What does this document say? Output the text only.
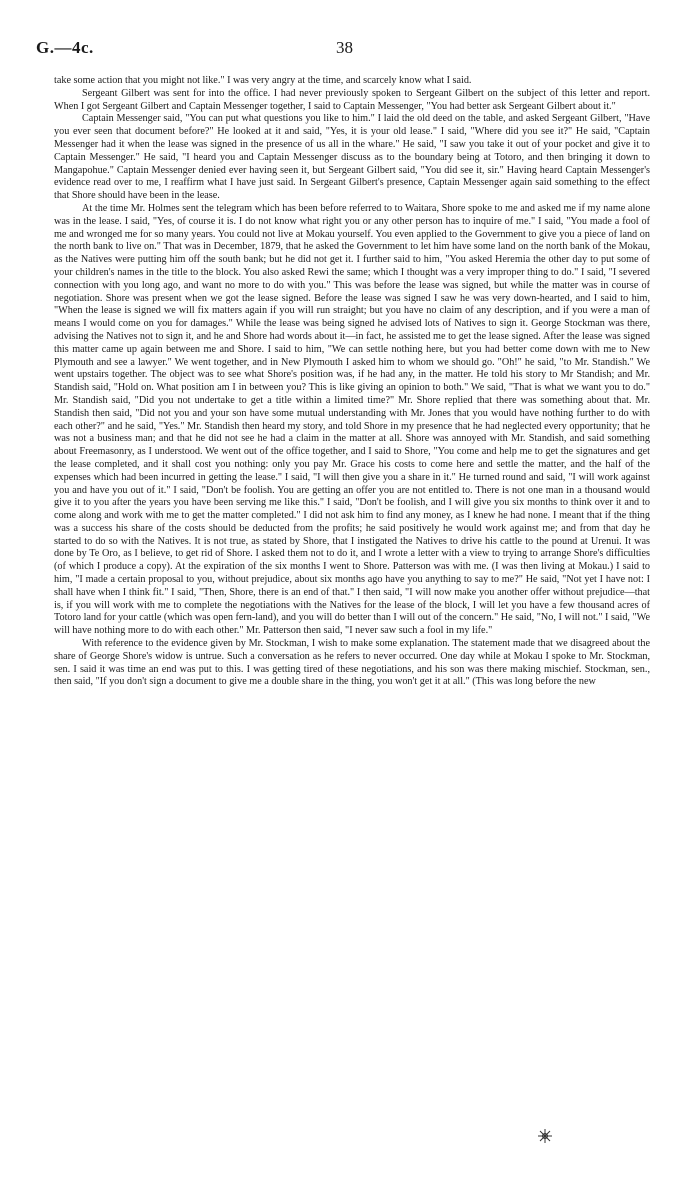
G.—4c.	38

take some action that you might not like." I was very angry at the time, and scarcely know what I said.

Sergeant Gilbert was sent for into the office. I had never previously spoken to Sergeant Gilbert on the subject of this letter and report. When I got Sergeant Gilbert and Captain Messenger together, I said to Captain Messenger, "You had better ask Sergeant Gilbert about it."

Captain Messenger said, "You can put what questions you like to him." I laid the old deed on the table, and asked Sergeant Gilbert, "Have you ever seen that document before?" He looked at it and said, "Yes, it is your old lease." I said, "Where did you see it?" He said, "Captain Messenger had it when the lease was signed in the presence of us all in the whare." He said, "I saw you take it out of your pocket and give it to Captain Messenger." He said, "I heard you and Captain Messenger discuss as to the boundary being at Totoro, and then bringing it down to Mangapohue." Captain Messenger denied ever having seen it, but Sergeant Gilbert said, "You did see it, sir." Having heard Captain Messenger's evidence read over to me, I reaffirm what I have just said. In Sergeant Gilbert's presence, Captain Messenger again said something to the effect that Shore should have been in the lease.

At the time Mr. Holmes sent the telegram which has been before referred to to Waitara, Shore spoke to me and asked me if my name alone was in the lease. I said, "Yes, of course it is. I do not know what right you or any other person has to inquire of me." I said, "You made a fool of me and wronged me for so many years. You could not live at Mokau yourself. You even applied to the Government to give you a piece of land on the north bank to live on." That was in December, 1879, that he asked the Government to let him have some land on the north bank of the Mokau, as the Natives were putting him off the south bank; but he did not get it. I further said to him, "You asked Heremia the other day to put some of your children's names in the title to the block. You also asked Rewi the same; which I thought was a very improper thing to do." I said, "I severed connection with you long ago, and want no more to do with you." This was before the lease was signed, but while the matter was in course of negotiation. Shore was present when we got the lease signed. Before the lease was signed I saw he was very down-hearted, and I said to him, "When the lease is signed we will fix matters again if you will run straight; but you have no claim of any description, and if you were a man of means I would come on you for damages." While the lease was being signed he advised lots of Natives to sign it. George Stockman was there, advising the Natives not to sign it, and he and Shore had words about it—in fact, he assisted me to get the lease signed. After the lease was signed this matter came up again between me and Shore. I said to him, "We can settle nothing here, but you had better come down with me to New Plymouth and see a lawyer." We went together, and in New Plymouth I asked him to whom we should go. "Oh!" he said, "to Mr. Standish." We went upstairs together. The object was to see what Shore's position was, if he had any, in the matter. He told his story to Mr Standish; and Mr. Standish said, "Hold on. What position am I in between you? This is like giving an opinion to both." We said, "That is what we want you to do." Mr. Standish said, "Did you not undertake to get a title within a limited time?" Mr. Shore replied that there was something about that. Mr. Standish then said, "Did not you and your son have some mutual understanding with Mr. Jones that you would have nothing further to do with each other?" and he said, "Yes." Mr. Standish then heard my story, and told Shore in my presence that he had neglected every opportunity; that he was not a business man; and that he did not see he had a claim in the matter at all. Shore was annoyed with Mr. Standish, and said something about Freemasonry, as I understood. We went out of the office together, and I said to Shore, "You come and help me to get the signatures and get the lease completed, and it shall cost you nothing: only you pay Mr. Grace his costs to come here and settle the matter, and the half of the expenses which had been incurred in getting the lease." I said, "I will then give you a share in it." He turned round and said, "I will work against you and have you out of it." I said, "Don't be foolish. You are getting an offer you are not entitled to. There is not one man in a thousand would give it to you after the years you have been serving me like this." I said, "Don't be foolish, and I will give you six months to think over it and to come along and work with me to get the matter completed." I did not ask him to find any money, as I knew he had none. I meant that if the thing was a success his share of the costs should be deducted from the profits; he said positively he would work against me; and from that day he started to do so with the Natives. It is not true, as stated by Shore, that I instigated the Natives to drive his cattle to the pound at Urenui. It was done by Te Oro, as I believe, to get rid of Shore. I asked them not to do it, and I wrote a letter with a view to trying to arrange Shore's difficulties (of which I produce a copy). At the expiration of the six months I went to Shore. Patterson was with me. (I was then living at Mokau.) I said to him, "I made a certain proposal to you, without prejudice, about six months ago have you anything to say to me?" He said, "Not yet I have not: I shall have when I think fit." I said, "Then, Shore, there is an end of that." I then said, "I will now make you another offer without prejudice—that is, if you will work with me to complete the negotiations with the Natives for the lease of the block, I will let you have a few thousand acres of Totoro land for your cattle (which was open fern-land), and you will do better than I will out of the concern." He said, "No, I will not." I said, "We will have nothing more to do with each other." Mr. Patterson then said, "I never saw such a fool in my life."

With reference to the evidence given by Mr. Stockman, I wish to make some explanation. The statement made that we disagreed about the share of George Shore's widow is untrue. Such a conversation as he refers to never occurred. One day while at Mokau I spoke to Mr. Stockman, sen. I said it was time an end was put to this. I was getting tired of these negotiations, and his son was there making mischief. Stockman, sen., then said, "If you don't sign a document to give me a double share in the thing, you won't get it at all." (This was long before the new
